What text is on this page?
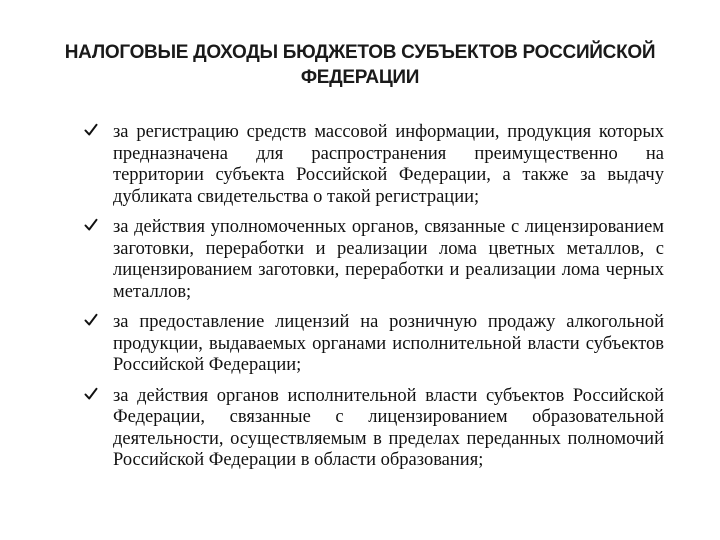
НАЛОГОВЫЕ ДОХОДЫ БЮДЖЕТОВ СУБЪЕКТОВ РОССИЙСКОЙ
ФЕДЕРАЦИИ
за регистрацию средств массовой информации, продукция которых предназначена для распространения преимущественно на территории субъекта Российской Федерации, а также за выдачу дубликата свидетельства о такой регистрации;
за действия уполномоченных органов, связанные с лицензированием заготовки, переработки и реализации лома цветных металлов, с лицензированием заготовки, переработки и реализации лома черных металлов;
за предоставление лицензий на розничную продажу алкогольной продукции, выдаваемых органами исполнительной власти субъектов Российской Федерации;
за действия органов исполнительной власти субъектов Российской Федерации, связанные с лицензированием образовательной деятельности, осуществляемым в пределах переданных полномочий Российской Федерации в области образования;
